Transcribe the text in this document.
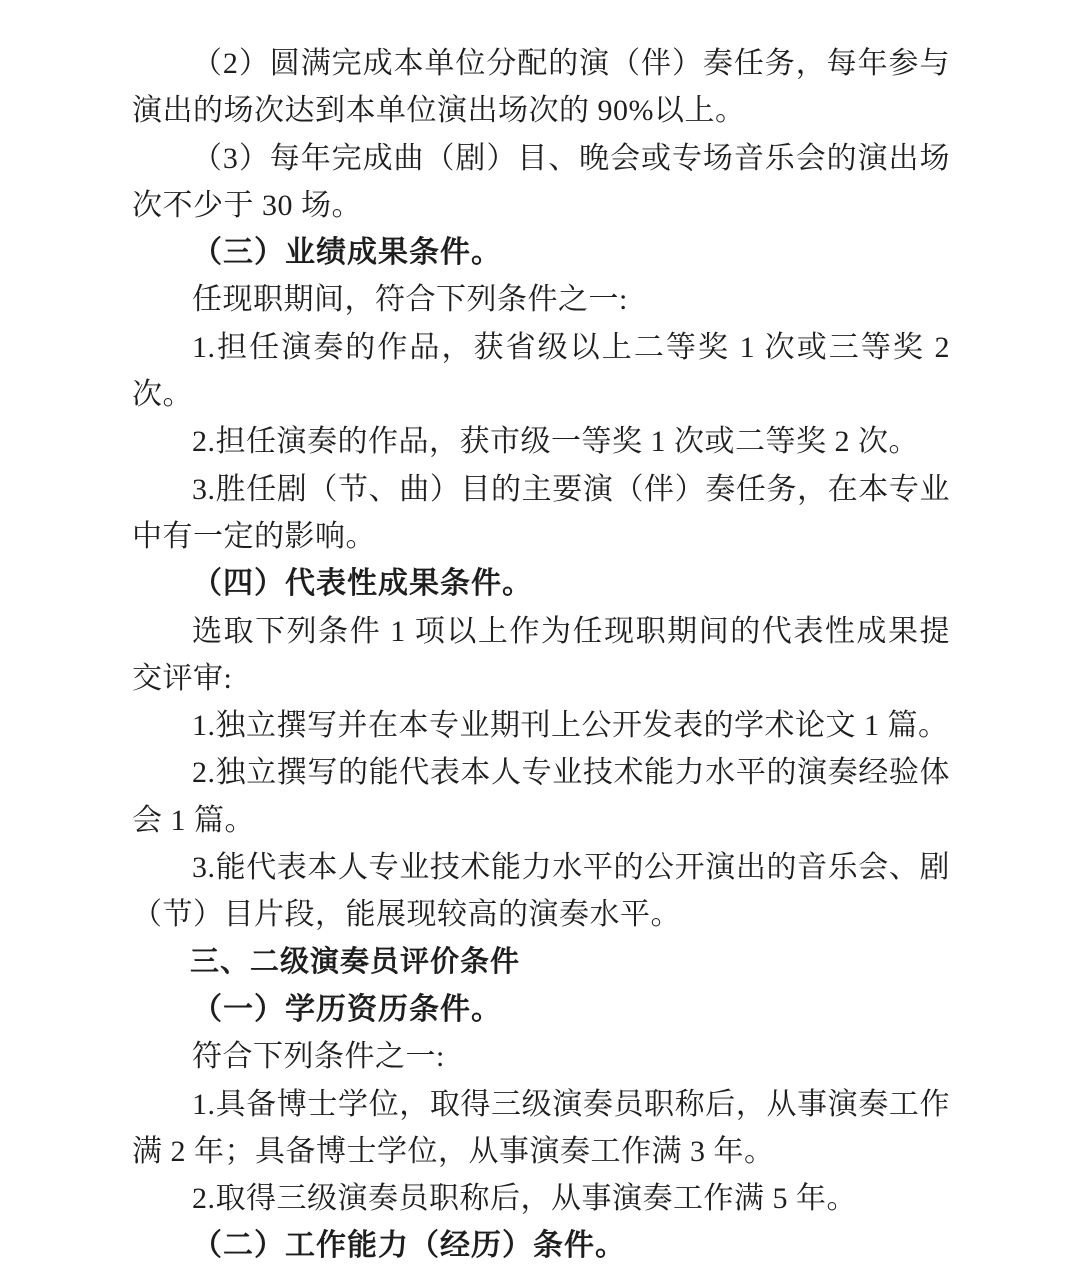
（2）圆满完成本单位分配的演（伴）奏任务，每年参与演出的场次达到本单位演出场次的 90%以上。

（3）每年完成曲（剧）目、晚会或专场音乐会的演出场次不少于 30 场。

（三）业绩成果条件。

任现职期间，符合下列条件之一:

1.担任演奏的作品，获省级以上二等奖 1 次或三等奖 2 次。

2.担任演奏的作品，获市级一等奖 1 次或二等奖 2 次。

3.胜任剧（节、曲）目的主要演（伴）奏任务，在本专业中有一定的影响。

（四）代表性成果条件。

选取下列条件 1 项以上作为任现职期间的代表性成果提交评审:

1.独立撰写并在本专业期刊上公开发表的学术论文 1 篇。

2.独立撰写的能代表本人专业技术能力水平的演奏经验体会 1 篇。

3.能代表本人专业技术能力水平的公开演出的音乐会、剧（节）目片段，能展现较高的演奏水平。

三、二级演奏员评价条件

（一）学历资历条件。

符合下列条件之一:

1.具备博士学位，取得三级演奏员职称后，从事演奏工作满 2 年；具备博士学位，从事演奏工作满 3 年。

2.取得三级演奏员职称后，从事演奏工作满 5 年。

（二）工作能力（经历）条件。
